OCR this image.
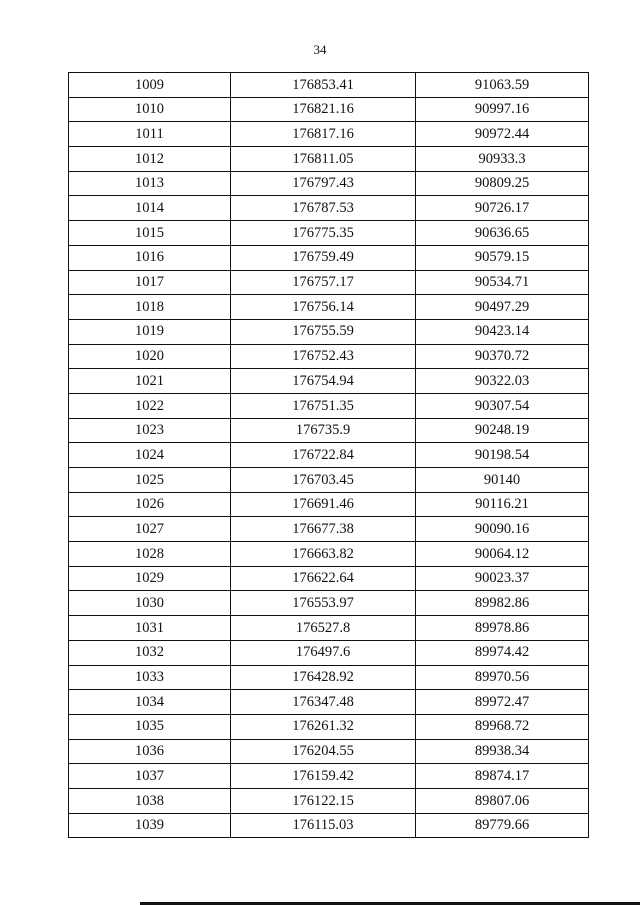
34
1009	176853.41	91063.59
1010	176821.16	90997.16
1011	176817.16	90972.44
1012	176811.05	90933.3
1013	176797.43	90809.25
1014	176787.53	90726.17
1015	176775.35	90636.65
1016	176759.49	90579.15
1017	176757.17	90534.71
1018	176756.14	90497.29
1019	176755.59	90423.14
1020	176752.43	90370.72
1021	176754.94	90322.03
1022	176751.35	90307.54
1023	176735.9	90248.19
1024	176722.84	90198.54
1025	176703.45	90140
1026	176691.46	90116.21
1027	176677.38	90090.16
1028	176663.82	90064.12
1029	176622.64	90023.37
1030	176553.97	89982.86
1031	176527.8	89978.86
1032	176497.6	89974.42
1033	176428.92	89970.56
1034	176347.48	89972.47
1035	176261.32	89968.72
1036	176204.55	89938.34
1037	176159.42	89874.17
1038	176122.15	89807.06
1039	176115.03	89779.66
